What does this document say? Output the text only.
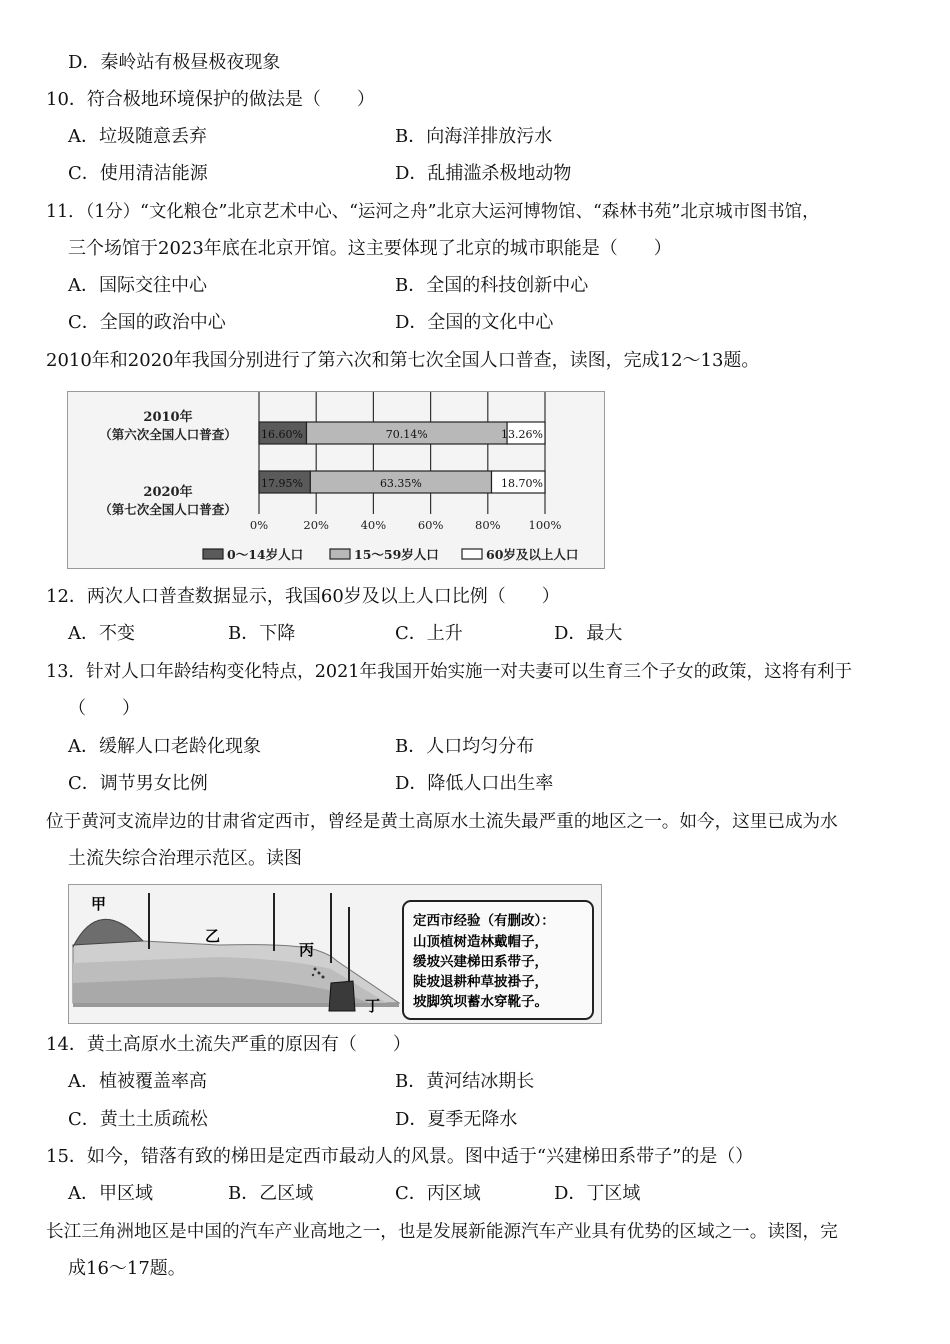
D．秦岭站有极昼极夜现象
10．符合极地环境保护的做法是（　　）
A．垃圾随意丢弃	B．向海洋排放污水
C．使用清洁能源	D．乱捕滥杀极地动物
11．（1分）“文化粮仓”北京艺术中心、“运河之舟”北京大运河博物馆、“森林书苑”北京城市图书馆，
三个场馆于2023年底在北京开馆。这主要体现了北京的城市职能是（　　）
A．国际交往中心	B．全国的科技创新中心
C．全国的政治中心	D．全国的文化中心
2010年和2020年我国分别进行了第六次和第七次全国人口普查，读图，完成12～13题。
2010年
（第六次全国人口普查）
2020年
（第七次全国人口普查）
16.60%	70.14%	13.26%
17.95%	63.35%	18.70%
0%	20%	40%	60%	80% 100%
0～14岁人口	15～59岁人口	60岁及以上人口
12．两次人口普查数据显示，我国60岁及以上人口比例（　　）
A．不变	B．下降	C．上升	D．最大
13．针对人口年龄结构变化特点，2021年我国开始实施一对夫妻可以生育三个子女的政策，这将有利于
（　　）
A．缓解人口老龄化现象	B．人口均匀分布
C．调节男女比例	D．降低人口出生率
位于黄河支流岸边的甘肃省定西市，曾经是黄土高原水土流失最严重的地区之一。如今，这里已成为水
土流失综合治理示范区。读图
甲
乙
丙
丁
定西市经验（有删改）：
山顶植树造林戴帽子，
缓坡兴建梯田系带子，
陡坡退耕种草披褂子，
坡脚筑坝蓄水穿靴子。
14．黄土高原水土流失严重的原因有（　　）
A．植被覆盖率高	B．黄河结冰期长
C．黄土土质疏松	D．夏季无降水
15．如今，错落有致的梯田是定西市最动人的风景。图中适于“兴建梯田系带子”的是（）
A．甲区域	B．乙区域	C．丙区域	D．丁区域
长江三角洲地区是中国的汽车产业高地之一，也是发展新能源汽车产业具有优势的区域之一。读图，完
成16～17题。
